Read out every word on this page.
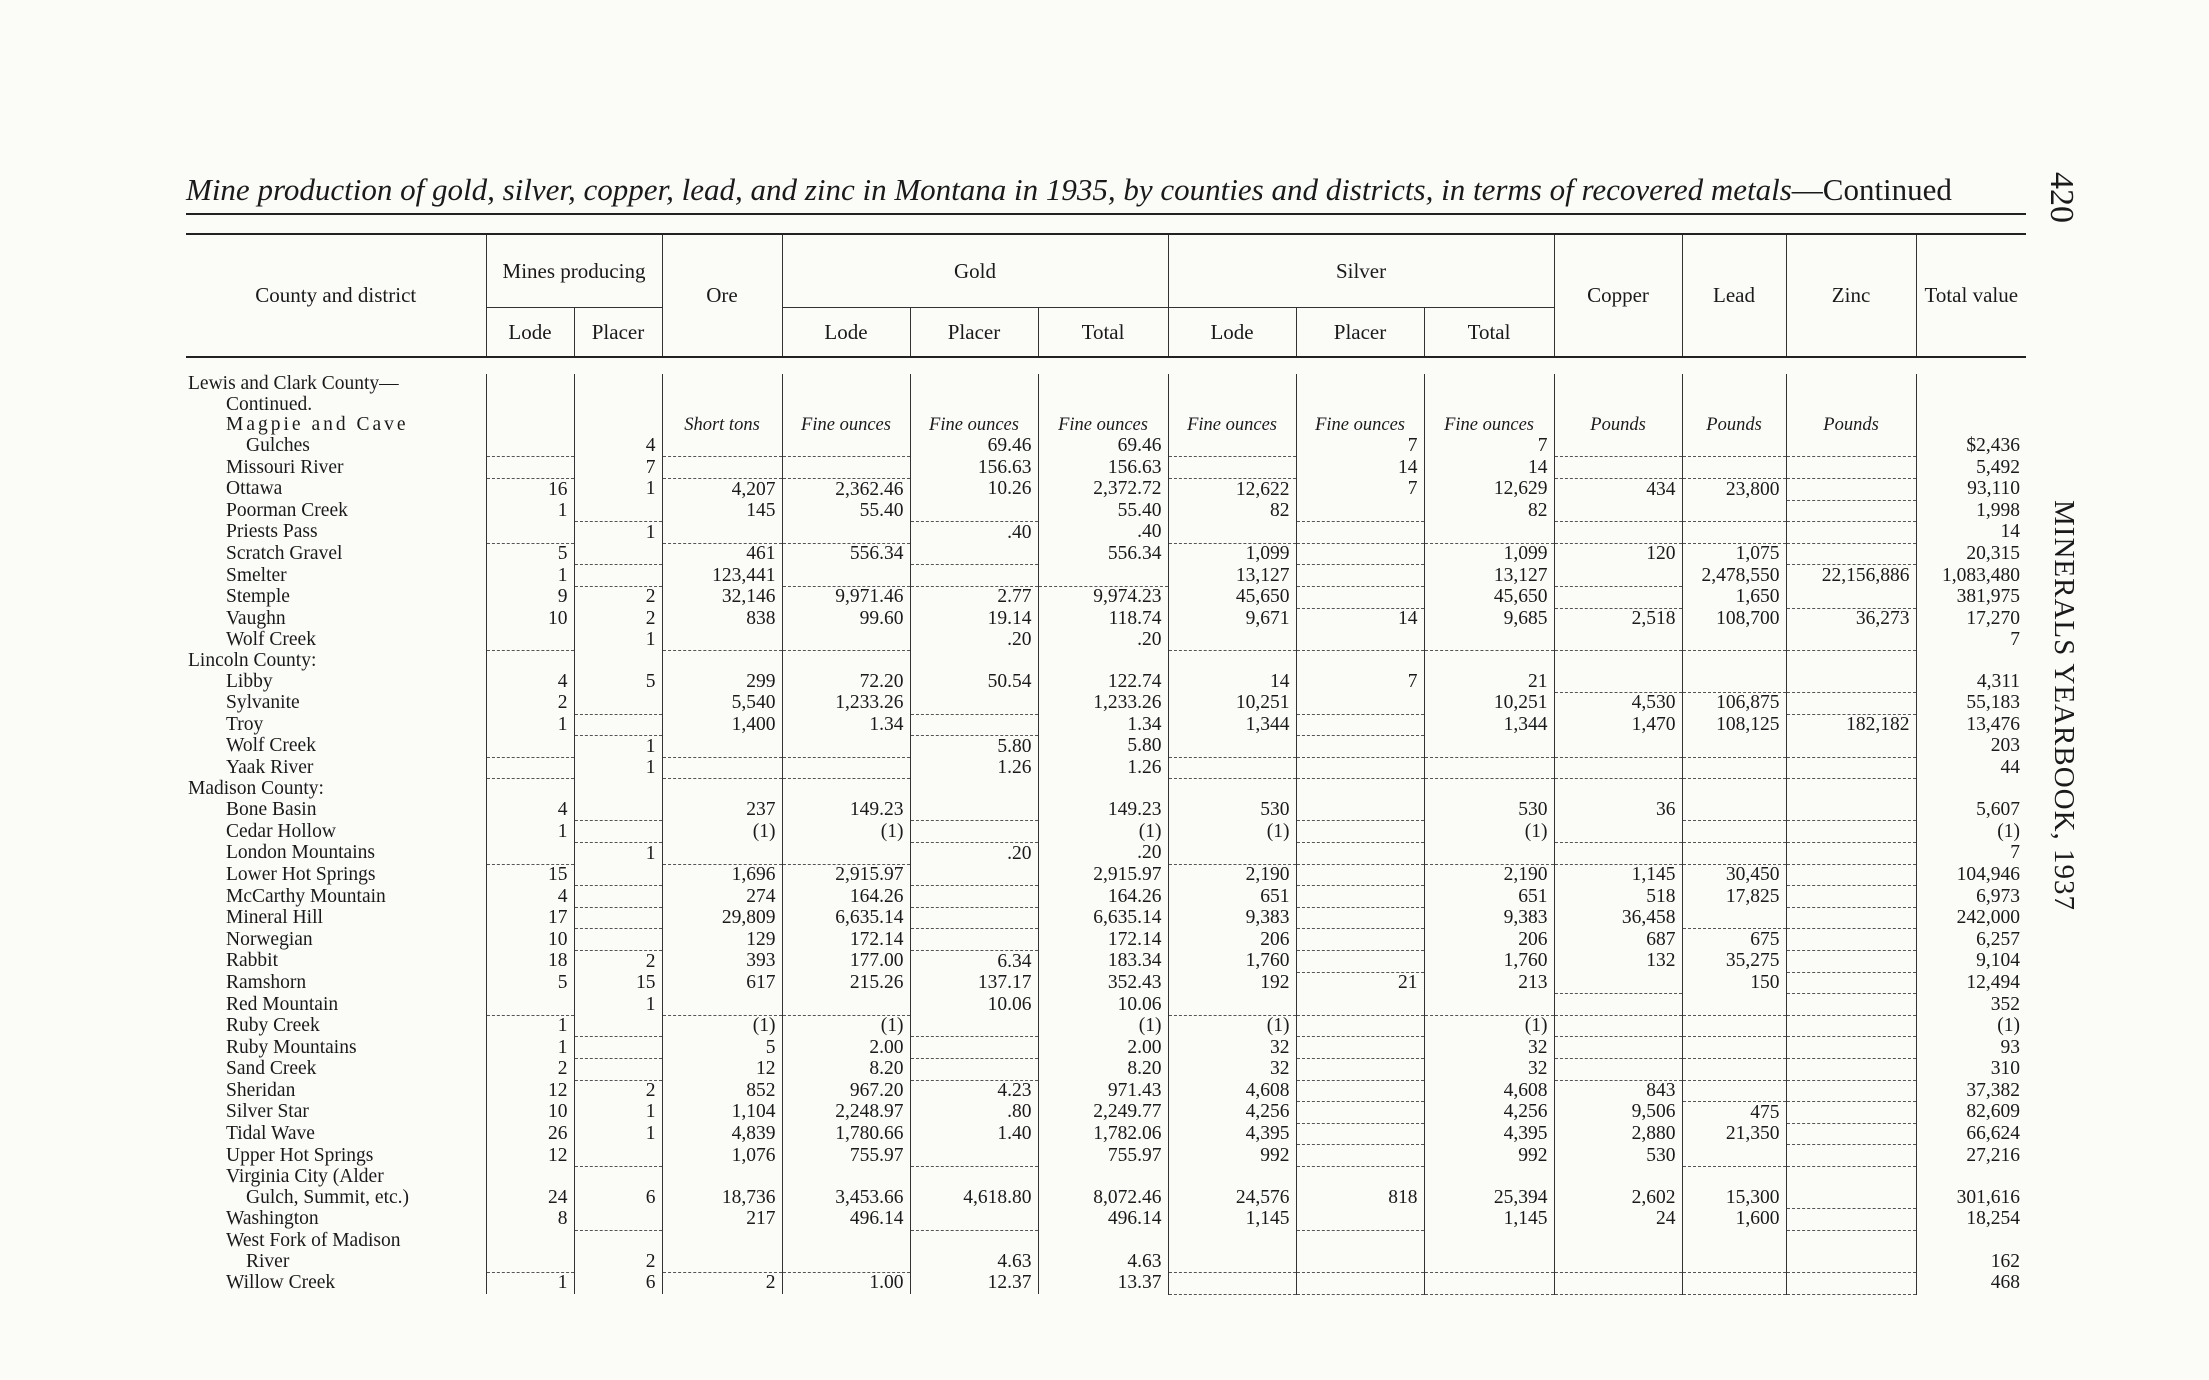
Mine production of gold, silver, copper, lead, and zinc in Montana in 1935, by counties and districts, in terms of recovered metals—Continued	420
MINERALS YEARBOOK, 1937
County and district	Mines producing		Ore	Gold			Silver			Copper	Lead	Zinc	Total value
	Lode	Placer		Lode	Placer	Total	Lode	Placer	Total				

Lewis and Clark County—													
Continued.													
Magpie and Cave			Short tons	Fine ounces	Fine ounces	Fine ounces	Fine ounces	Fine ounces	Fine ounces	Pounds	Pounds	Pounds	
Gulches		4			69.46	69.46		7	7				$2,436
Missouri River		7			156.63	156.63		14	14				5,492
Ottawa	16	1	4,207	2,362.46	10.26	2,372.72	12,622	7	12,629	434	23,800		93,110
Poorman Creek	1		145	55.40		55.40	82		82				1,998
Priests Pass		1			.40	.40							14
Scratch Gravel	5		461	556.34		556.34	1,099		1,099	120	1,075		20,315
Smelter	1		123,441				13,127		13,127		2,478,550	22,156,886	1,083,480
Stemple	9	2	32,146	9,971.46	2.77	9,974.23	45,650		45,650		1,650		381,975
Vaughn	10	2	838	99.60	19.14	118.74	9,671	14	9,685	2,518	108,700	36,273	17,270
Wolf Creek		1			.20	.20							7
Lincoln County:													
Libby	4	5	299	72.20	50.54	122.74	14	7	21				4,311
Sylvanite	2		5,540	1,233.26		1,233.26	10,251		10,251	4,530	106,875		55,183
Troy	1		1,400	1.34		1.34	1,344		1,344	1,470	108,125	182,182	13,476
Wolf Creek		1			5.80	5.80							203
Yaak River		1			1.26	1.26							44
Madison County:													
Bone Basin	4		237	149.23		149.23	530		530	36			5,607
Cedar Hollow	1		(1)	(1)		(1)	(1)		(1)				(1)
London Mountains		1			.20	.20							7
Lower Hot Springs	15		1,696	2,915.97		2,915.97	2,190		2,190	1,145	30,450		104,946
McCarthy Mountain	4		274	164.26		164.26	651		651	518	17,825		6,973
Mineral Hill	17		29,809	6,635.14		6,635.14	9,383		9,383	36,458			242,000
Norwegian	10		129	172.14		172.14	206		206	687	675		6,257
Rabbit	18	2	393	177.00	6.34	183.34	1,760		1,760	132	35,275		9,104
Ramshorn	5	15	617	215.26	137.17	352.43	192	21	213		150		12,494
Red Mountain		1			10.06	10.06							352
Ruby Creek	1		(1)	(1)		(1)	(1)		(1)				(1)
Ruby Mountains	1		5	2.00		2.00	32		32				93
Sand Creek	2		12	8.20		8.20	32		32				310
Sheridan	12	2	852	967.20	4.23	971.43	4,608		4,608	843			37,382
Silver Star	10	1	1,104	2,248.97	.80	2,249.77	4,256		4,256	9,506	475		82,609
Tidal Wave	26	1	4,839	1,780.66	1.40	1,782.06	4,395		4,395	2,880	21,350		66,624
Upper Hot Springs	12		1,076	755.97		755.97	992		992	530			27,216
Virginia City (Alder													
Gulch, Summit, etc.)	24	6	18,736	3,453.66	4,618.80	8,072.46	24,576	818	25,394	2,602	15,300		301,616
Washington	8		217	496.14		496.14	1,145		1,145	24	1,600		18,254
West Fork of Madison													
River		2			4.63	4.63							162
Willow Creek	1	6	2	1.00	12.37	13.37							468
